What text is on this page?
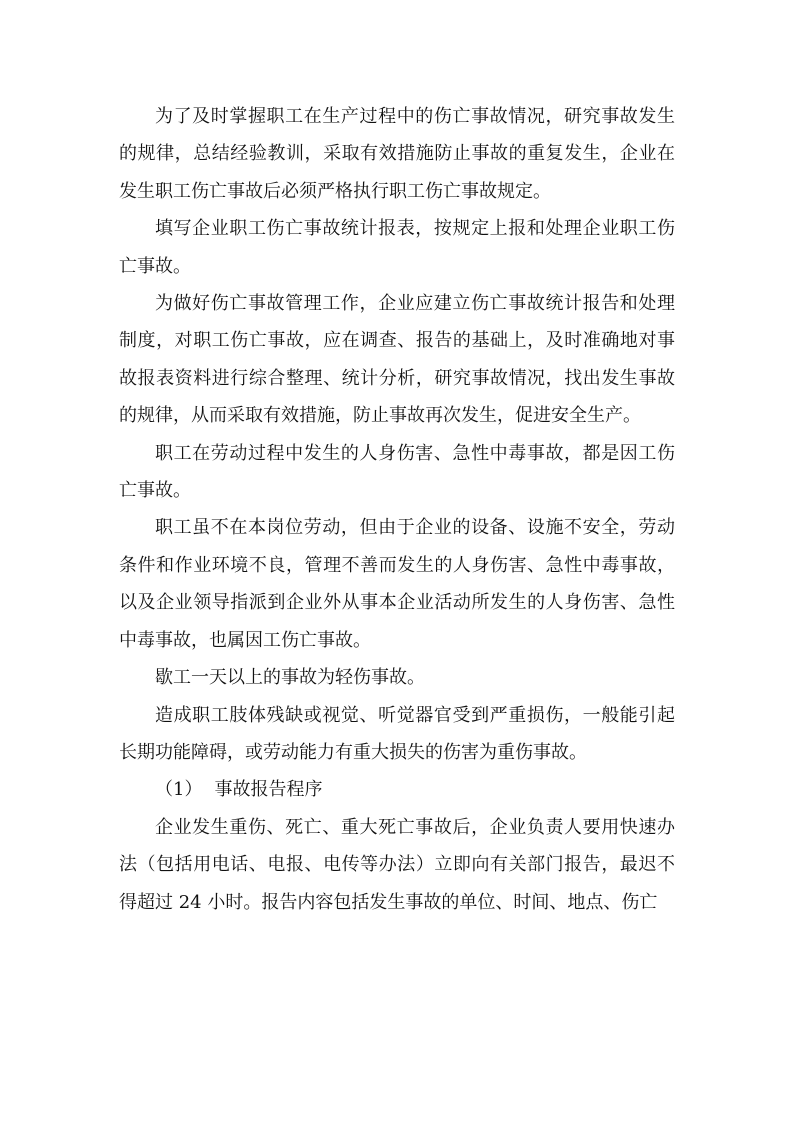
为了及时掌握职工在生产过程中的伤亡事故情况，研究事故发生的规律，总结经验教训，采取有效措施防止事故的重复发生，企业在发生职工伤亡事故后必须严格执行职工伤亡事故规定。

填写企业职工伤亡事故统计报表，按规定上报和处理企业职工伤亡事故。

为做好伤亡事故管理工作，企业应建立伤亡事故统计报告和处理制度，对职工伤亡事故，应在调查、报告的基础上，及时准确地对事故报表资料进行综合整理、统计分析，研究事故情况，找出发生事故的规律，从而采取有效措施，防止事故再次发生，促进安全生产。

职工在劳动过程中发生的人身伤害、急性中毒事故，都是因工伤亡事故。

职工虽不在本岗位劳动，但由于企业的设备、设施不安全，劳动条件和作业环境不良，管理不善而发生的人身伤害、急性中毒事故，以及企业领导指派到企业外从事本企业活动所发生的人身伤害、急性中毒事故，也属因工伤亡事故。

歇工一天以上的事故为轻伤事故。

造成职工肢体残缺或视觉、听觉器官受到严重损伤，一般能引起长期功能障碍，或劳动能力有重大损失的伤害为重伤事故。

（1） 事故报告程序

企业发生重伤、死亡、重大死亡事故后，企业负责人要用快速办法（包括用电话、电报、电传等办法）立即向有关部门报告，最迟不得超过 24 小时。报告内容包括发生事故的单位、时间、地点、伤亡
